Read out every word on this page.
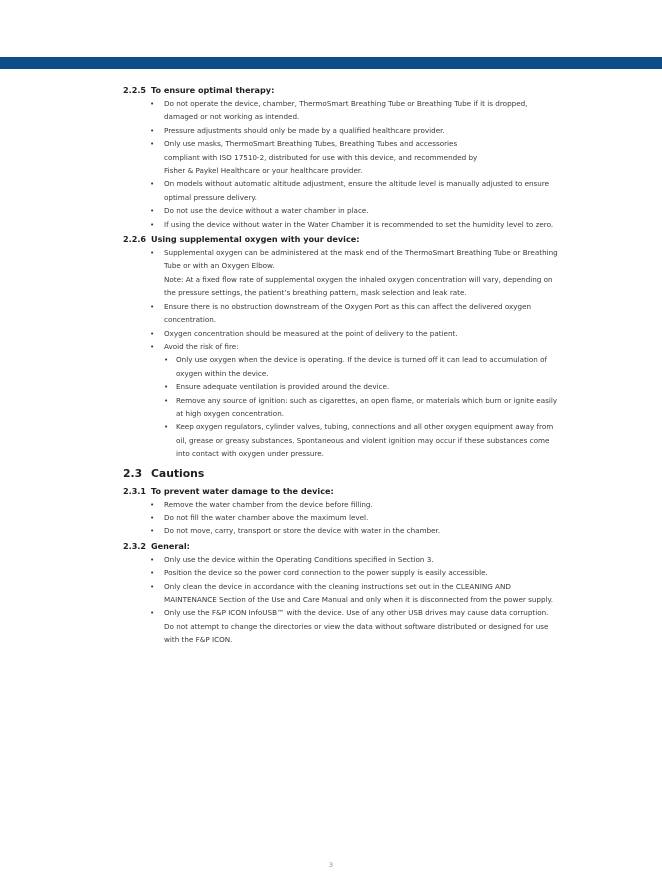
2.2.5 To ensure optimal therapy:
• Do not operate the device, chamber, ThermoSmart Breathing Tube or Breathing Tube if it is dropped,
damaged or not working as intended.
• Pressure adjustments should only be made by a qualified healthcare provider.
• Only use masks, ThermoSmart Breathing Tubes, Breathing Tubes and accessories
compliant with ISO 17510-2, distributed for use with this device, and recommended by
Fisher & Paykel Healthcare or your healthcare provider.
• On models without automatic altitude adjustment, ensure the altitude level is manually adjusted to ensure
optimal pressure delivery.
• Do not use the device without a water chamber in place.
• If using the device without water in the Water Chamber it is recommended to set the humidity level to zero.
2.2.6 Using supplemental oxygen with your device:
• Supplemental oxygen can be administered at the mask end of the ThermoSmart Breathing Tube or Breathing
Tube or with an Oxygen Elbow.
Note: At a fixed flow rate of supplemental oxygen the inhaled oxygen concentration will vary, depending on
the pressure settings, the patient’s breathing pattern, mask selection and leak rate.
• Ensure there is no obstruction downstream of the Oxygen Port as this can affect the delivered oxygen
concentration.
• Oxygen concentration should be measured at the point of delivery to the patient.
• Avoid the risk of fire:
• Only use oxygen when the device is operating. If the device is turned off it can lead to accumulation of
oxygen within the device.
• Ensure adequate ventilation is provided around the device.
• Remove any source of ignition: such as cigarettes, an open flame, or materials which burn or ignite easily
at high oxygen concentration.
• Keep oxygen regulators, cylinder valves, tubing, connections and all other oxygen equipment away from
oil, grease or greasy substances. Spontaneous and violent ignition may occur if these substances come
into contact with oxygen under pressure.
2.3 Cautions
2.3.1 To prevent water damage to the device:
• Remove the water chamber from the device before filling.
• Do not fill the water chamber above the maximum level.
• Do not move, carry, transport or store the device with water in the chamber.
2.3.2 General:
• Only use the device within the Operating Conditions specified in Section 3.
• Position the device so the power cord connection to the power supply is easily accessible.
• Only clean the device in accordance with the cleaning instructions set out in the CLEANING AND
MAINTENANCE Section of the Use and Care Manual and only when it is disconnected from the power supply.
• Only use the F&P ICON InfoUSB™ with the device. Use of any other USB drives may cause data corruption.
Do not attempt to change the directories or view the data without software distributed or designed for use
with the F&P ICON.
3
